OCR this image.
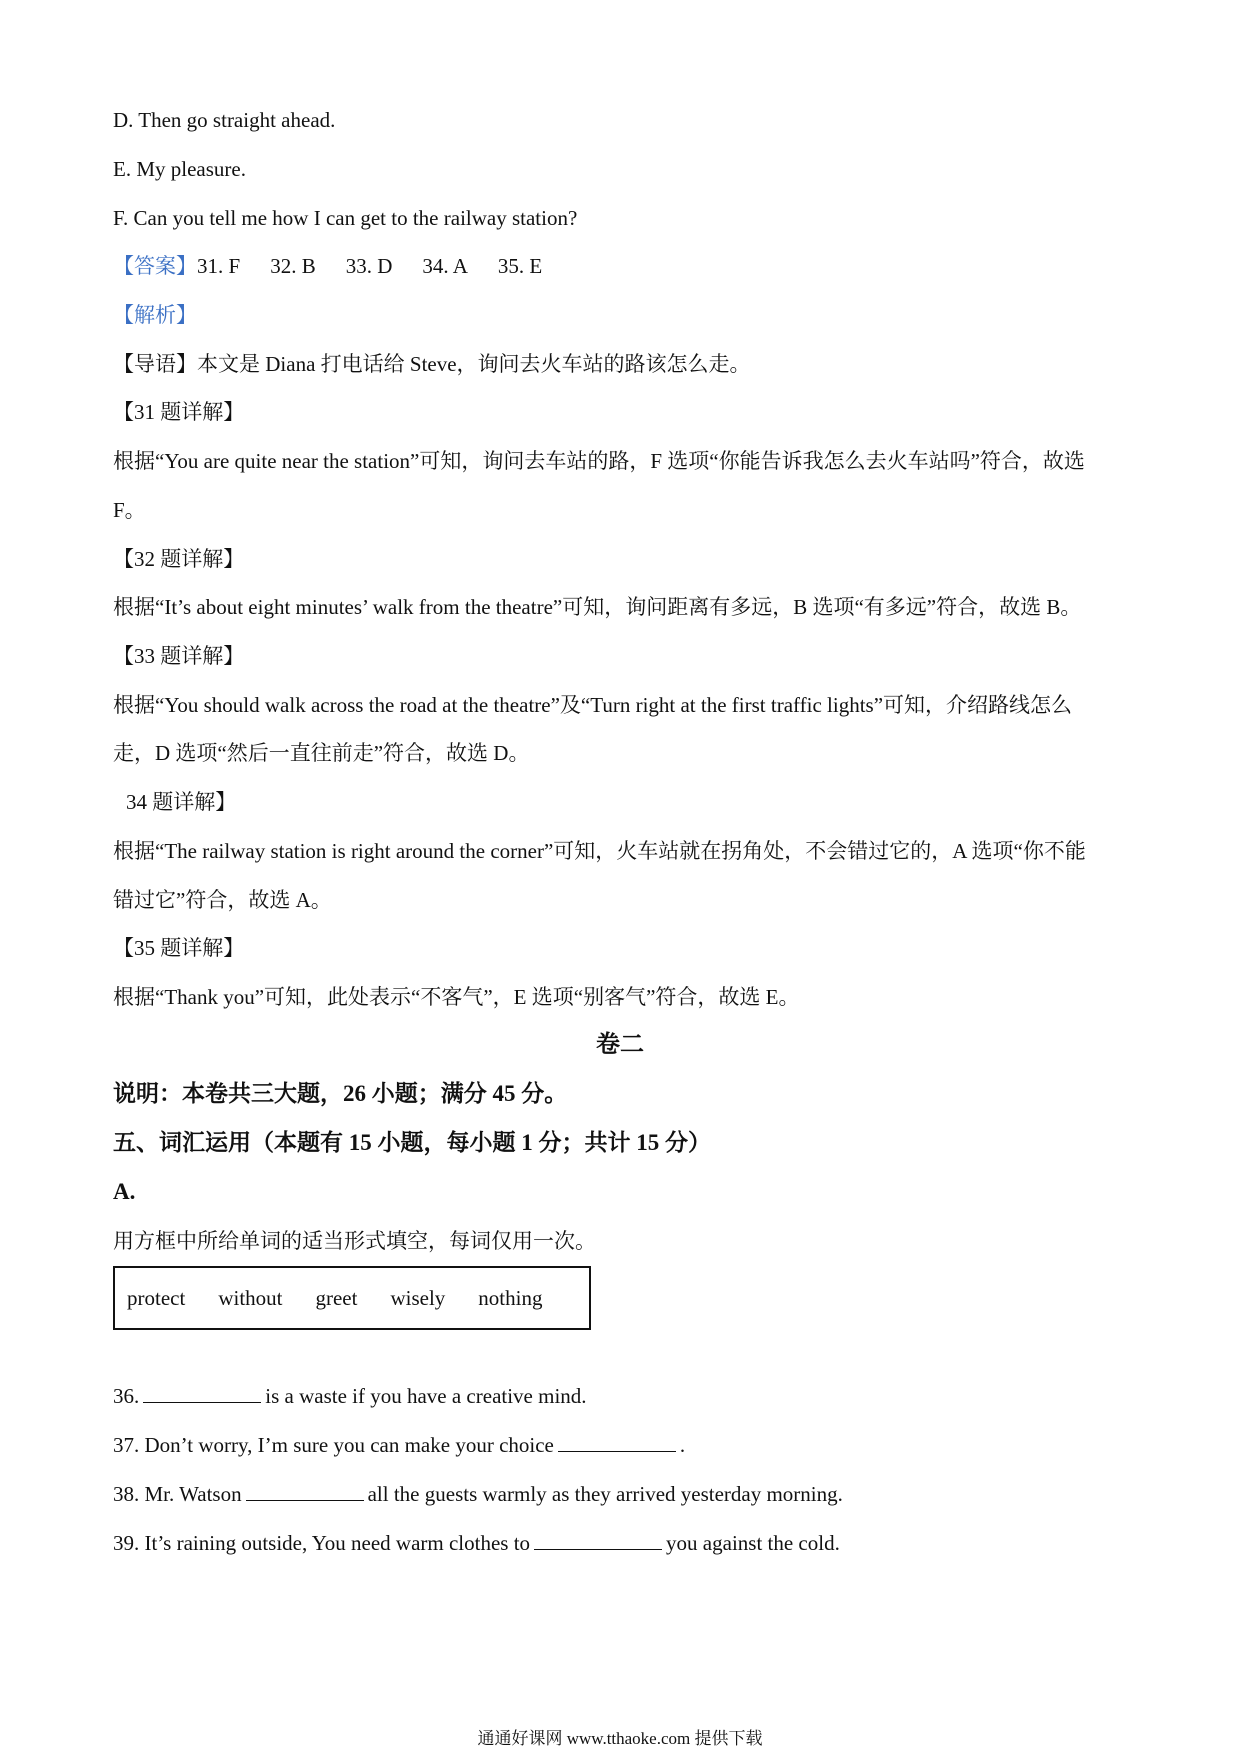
D. Then go straight ahead.
E. My pleasure.
F. Can you tell me how I can get to the railway station?
【答案】31. F 32. B 33. D 34. A 35. E
【解析】
【导语】本文是 Diana 打电话给 Steve，询问去火车站的路该怎么走。
【31 题详解】
根据“You are quite near the station”可知，询问去车站的路，F 选项“你能告诉我怎么去火车站吗”符合，故选
F。
【32 题详解】
根据“It’s about eight minutes’ walk from the theatre”可知，询问距离有多远，B 选项“有多远”符合，故选 B。
【33 题详解】
根据“You should walk across the road at the theatre”及“Turn right at the first traffic lights”可知，介绍路线怎么
走，D 选项“然后一直往前走”符合，故选 D。
34 题详解】
根据“The railway station is right around the corner”可知，火车站就在拐角处，不会错过它的，A 选项“你不能
错过它”符合，故选 A。
【35 题详解】
根据“Thank you”可知，此处表示“不客气”，E 选项“别客气”符合，故选 E。
卷二
说明：本卷共三大题，26 小题；满分 45 分。
五、词汇运用（本题有 15 小题，每小题 1 分；共计 15 分）
A.
用方框中所给单词的适当形式填空，每词仅用一次。
protect without greet wisely nothing
36.	is a waste if you have a creative mind.
37. Don’t worry, I’m sure you can make your choice	.
38. Mr. Watson	all the guests warmly as they arrived yesterday morning.
39. It’s raining outside, You need warm clothes to	you against the cold.
通通好课网 www.tthaoke.com 提供下载
